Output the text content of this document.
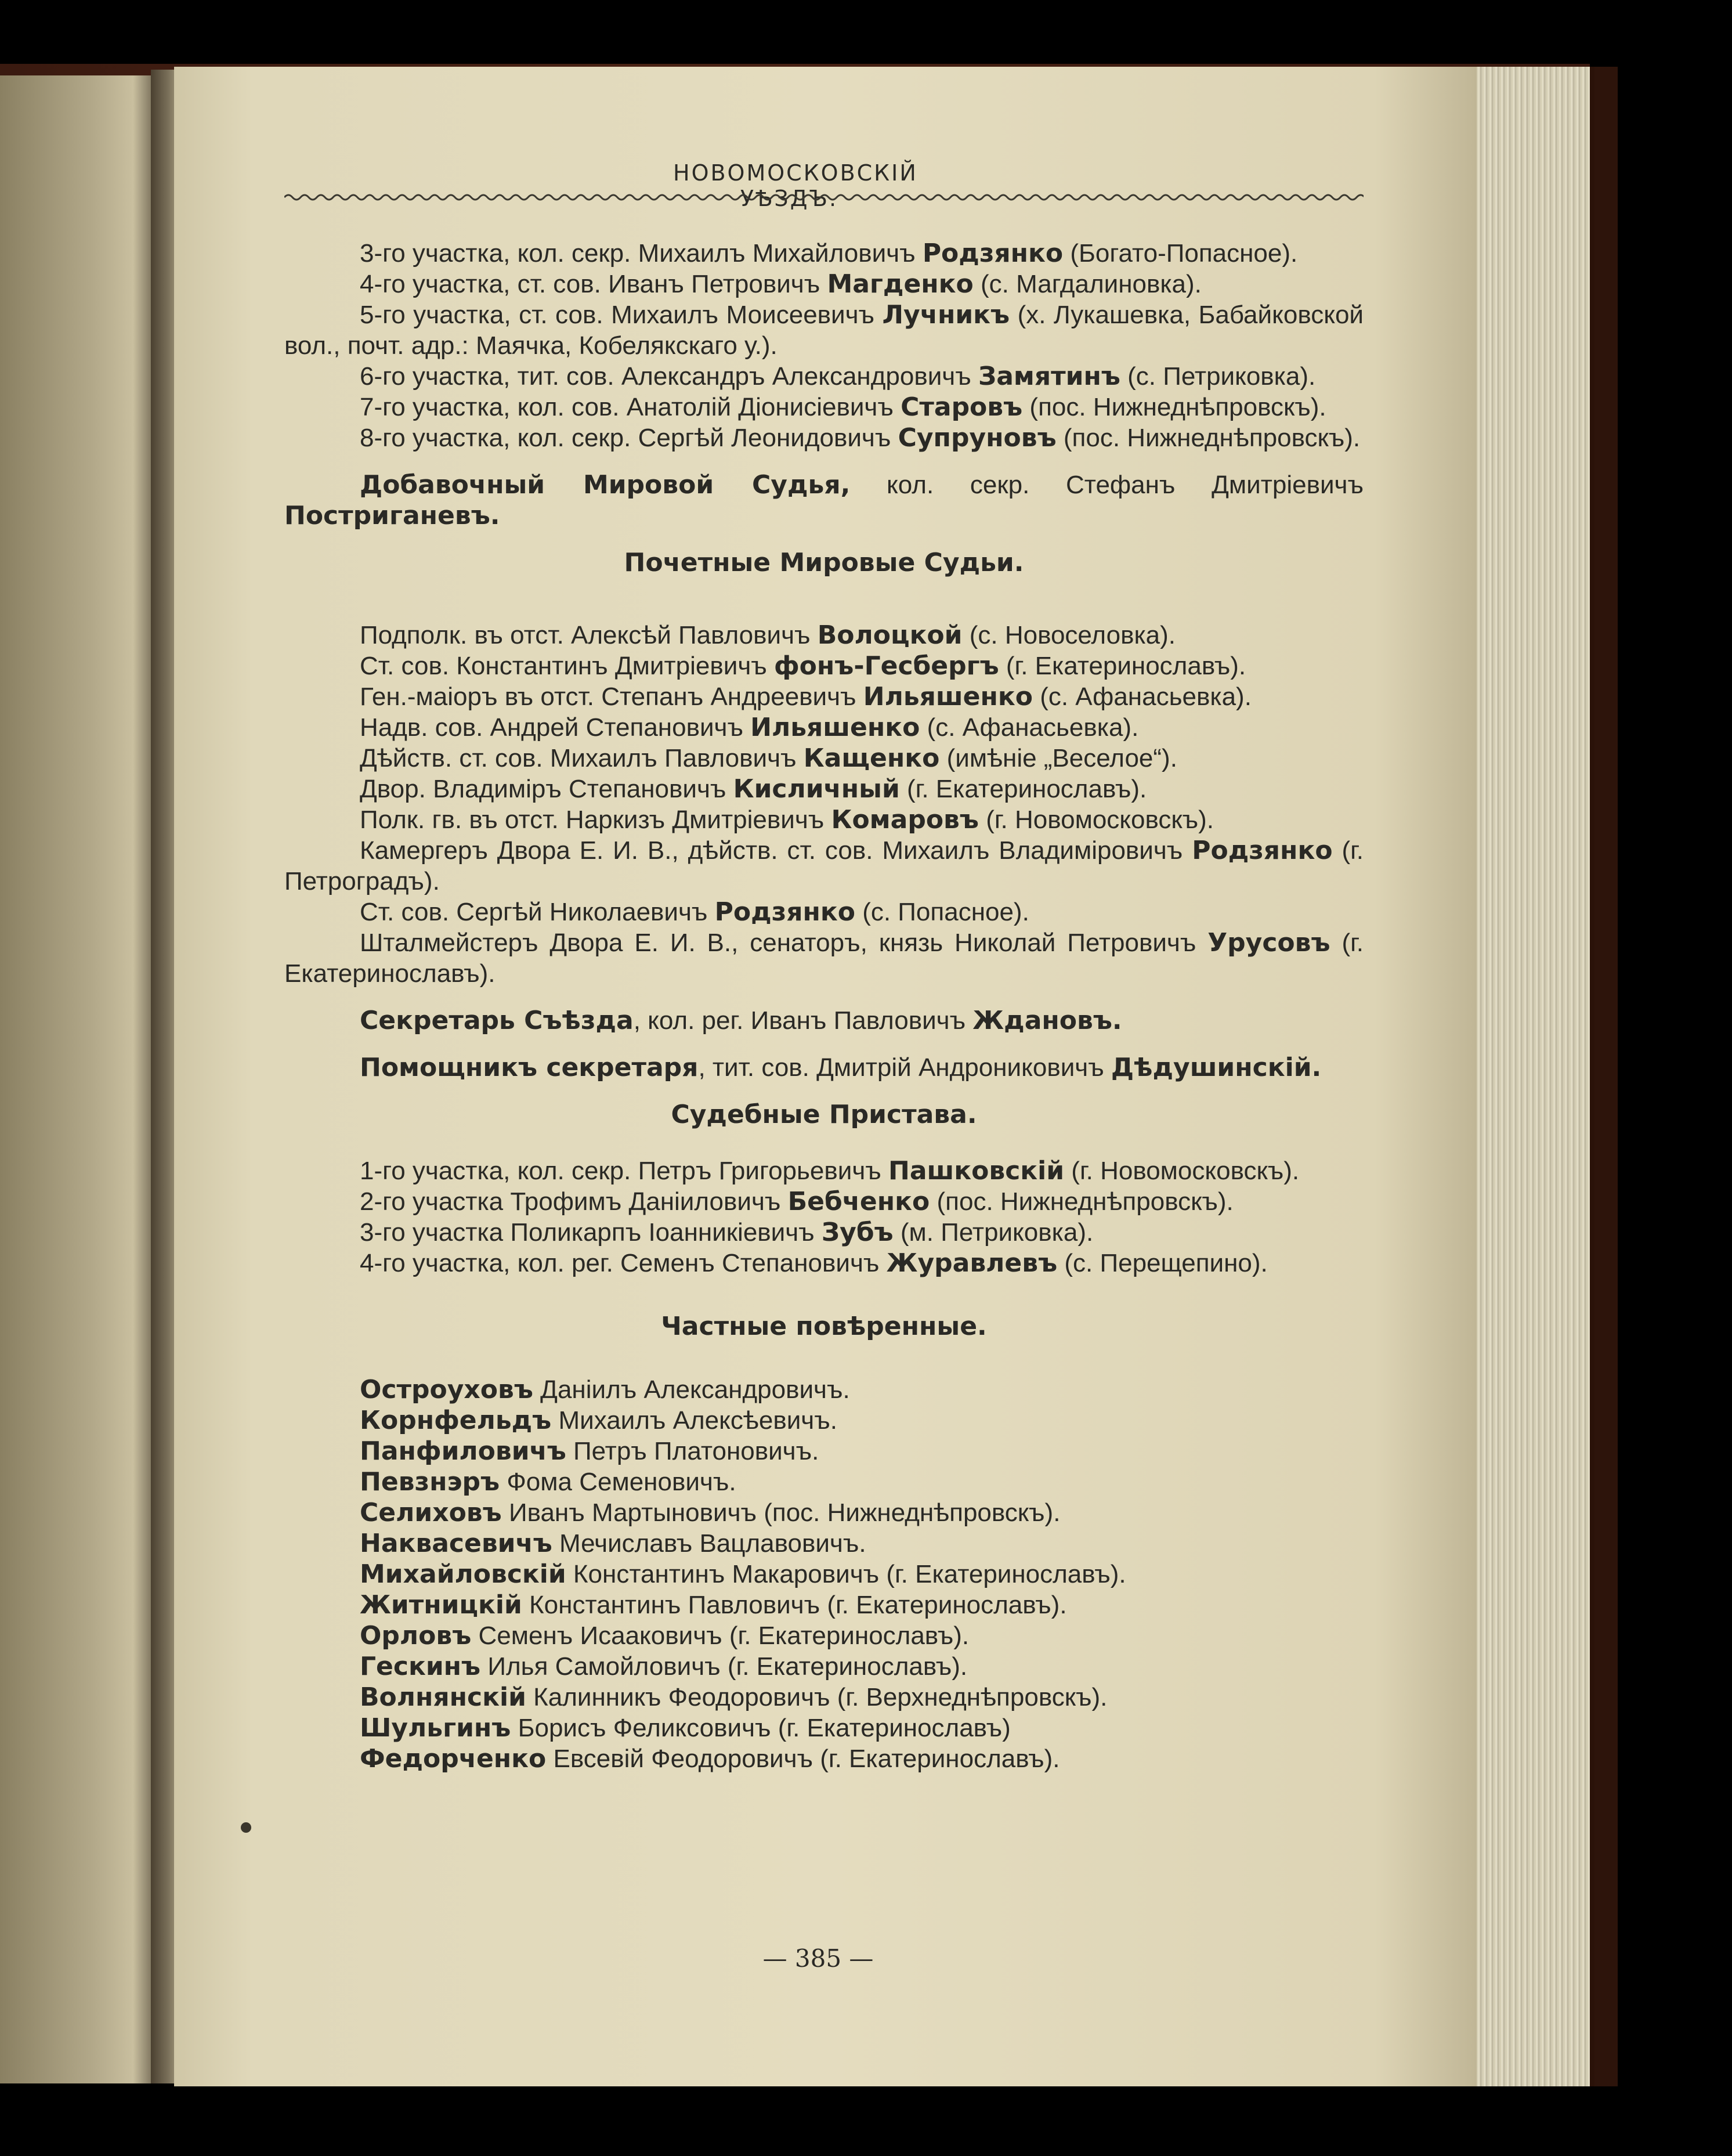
НОВОМОСКОВСКІЙ УѢЗДЪ.

3-го участка, кол. секр. Михаилъ Михайловичъ Родзянко (Богато-Попасное).

4-го участка, ст. сов. Иванъ Петровичъ Магденко (с. Магдалиновка).

5-го участка, ст. сов. Михаилъ Моисеевичъ Лучникъ (х. Лукашевка, Бабайковской вол., почт. адр.: Маячка, Кобелякскаго у.).

6-го участка, тит. сов. Александръ Александровичъ Замятинъ (с. Петриковка).

7-го участка, кол. сов. Анатолій Діонисіевичъ Старовъ (пос. Нижнеднѣпровскъ).

8-го участка, кол. секр. Сергѣй Леонидовичъ Супруновъ (пос. Нижнеднѣпровскъ).

Добавочный Мировой Судья, кол. секр. Стефанъ Дмитріевичъ Постриганевъ.

Почетные Мировые Судьи.

Подполк. въ отст. Алексѣй Павловичъ Волоцкой (с. Новоселовка).

Ст. сов. Константинъ Дмитріевичъ фонъ-Гесбергъ (г. Екатеринославъ).

Ген.-маіоръ въ отст. Степанъ Андреевичъ Ильяшенко (с. Афанасьевка).

Надв. сов. Андрей Степановичъ Ильяшенко (с. Афанасьевка).

Дѣйств. ст. сов. Михаилъ Павловичъ Кащенко (имѣніе „Веселое“).

Двор. Владиміръ Степановичъ Кисличный (г. Екатеринославъ).

Полк. гв. въ отст. Наркизъ Дмитріевичъ Комаровъ (г. Новомосковскъ).

Камергеръ Двора Е. И. В., дѣйств. ст. сов. Михаилъ Владиміровичъ Родзянко (г. Петроградъ).

Ст. сов. Сергѣй Николаевичъ Родзянко (с. Попасное).

Шталмейстеръ Двора Е. И. В., сенаторъ, князь Николай Петровичъ Урусовъ (г. Екатеринославъ).

Секретарь Съѣзда, кол. рег. Иванъ Павловичъ Ждановъ.

Помощникъ секретаря, тит. сов. Дмитрій Андрониковичъ Дѣдушинскій.

Судебные Пристава.

1-го участка, кол. секр. Петръ Григорьевичъ Пашковскій (г. Новомосковскъ).

2-го участка Трофимъ Даніиловичъ Бебченко (пос. Нижнеднѣпровскъ).

3-го участка Поликарпъ Іоанникіевичъ Зубъ (м. Петриковка).

4-го участка, кол. рег. Семенъ Степановичъ Журавлевъ (с. Перещепино).

Частные повѣренные.

Остроуховъ Даніилъ Александровичъ.

Корнфельдъ Михаилъ Алексѣевичъ.

Панфиловичъ Петръ Платоновичъ.

Певзнэръ Фома Семеновичъ.

Селиховъ Иванъ Мартыновичъ (пос. Нижнеднѣпровскъ).

Наквасевичъ Мечиславъ Вацлавовичъ.

Михайловскій Константинъ Макаровичъ (г. Екатеринославъ).

Житницкій Константинъ Павловичъ (г. Екатеринославъ).

Орловъ Семенъ Исааковичъ (г. Екатеринославъ).

Гескинъ Илья Самойловичъ (г. Екатеринославъ).

Волнянскій Калинникъ Феодоровичъ (г. Верхнеднѣпровскъ).

Шульгинъ Борисъ Феликсовичъ (г. Екатеринославъ)

Федорченко Евсевій Феодоровичъ (г. Екатеринославъ).

— 385 —
